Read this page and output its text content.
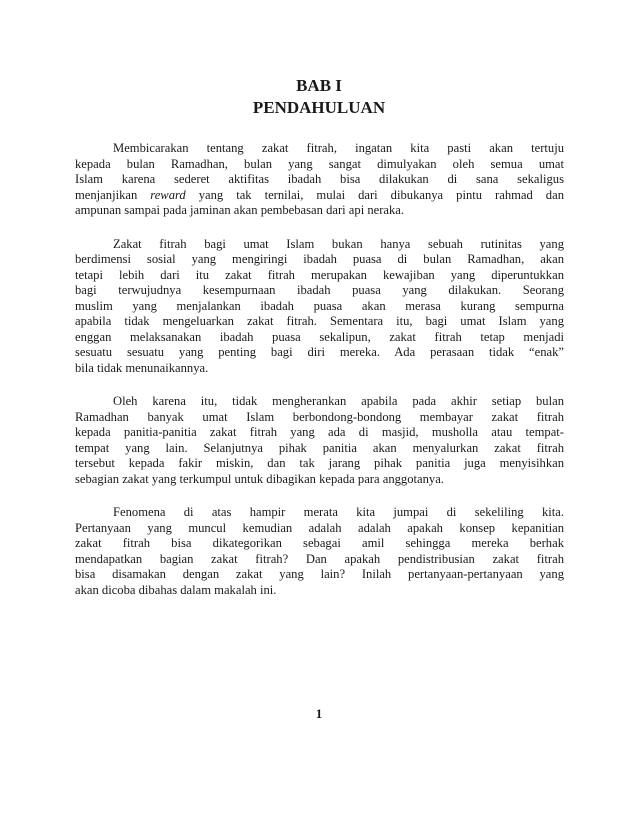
BAB I
PENDAHULUAN
Membicarakan tentang zakat fitrah, ingatan kita pasti akan tertuju
kepada bulan Ramadhan, bulan yang sangat dimulyakan oleh semua umat
Islam karena sederet aktifitas ibadah bisa dilakukan di sana sekaligus
menjanjikan reward yang tak ternilai, mulai dari dibukanya pintu rahmad dan
ampunan sampai pada jaminan akan pembebasan dari api neraka.
Zakat fitrah bagi umat Islam bukan hanya sebuah rutinitas yang
berdimensi sosial yang mengiringi ibadah puasa di bulan Ramadhan, akan
tetapi lebih dari itu zakat fitrah merupakan kewajiban yang diperuntukkan
bagi terwujudnya kesempurnaan ibadah puasa yang dilakukan. Seorang
muslim yang menjalankan ibadah puasa akan merasa kurang sempurna
apabila tidak mengeluarkan zakat fitrah. Sementara itu, bagi umat Islam yang
enggan melaksanakan ibadah puasa sekalipun, zakat fitrah tetap menjadi
sesuatu sesuatu yang penting bagi diri mereka. Ada perasaan tidak “enak”
bila tidak menunaikannya.
Oleh karena itu, tidak mengherankan apabila pada akhir setiap bulan
Ramadhan banyak umat Islam berbondong-bondong membayar zakat fitrah
kepada panitia-panitia zakat fitrah yang ada di masjid, musholla atau tempat-
tempat yang lain. Selanjutnya pihak panitia akan menyalurkan zakat fitrah
tersebut kepada fakir miskin, dan tak jarang pihak panitia juga menyisihkan
sebagian zakat yang terkumpul untuk dibagikan kepada para anggotanya.
Fenomena di atas hampir merata kita jumpai di sekeliling kita.
Pertanyaan yang muncul kemudian adalah adalah apakah konsep kepanitian
zakat fitrah bisa dikategorikan sebagai amil sehingga mereka berhak
mendapatkan bagian zakat fitrah? Dan apakah pendistribusian zakat fitrah
bisa disamakan dengan zakat yang lain? Inilah pertanyaan-pertanyaan yang
akan dicoba dibahas dalam makalah ini.
1
